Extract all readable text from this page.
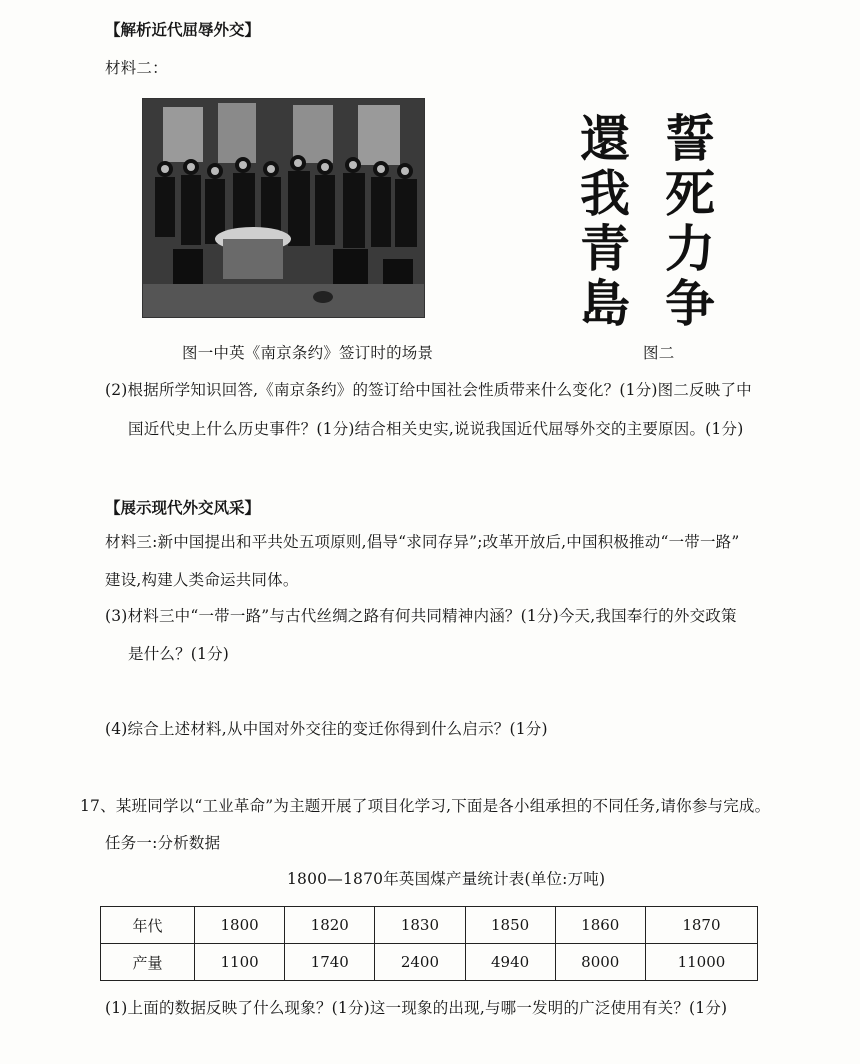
【解析近代屈辱外交】
材料二：
誓
死
力
争
還
我
青
島
图一中英《南京条约》签订时的场景	图二
(2)根据所学知识回答,《南京条约》的签订给中国社会性质带来什么变化？(1分)图二反映了中
国近代史上什么历史事件？(1分)结合相关史实,说说我国近代屈辱外交的主要原因。(1分)
【展示现代外交风采】
材料三:新中国提出和平共处五项原则,倡导“求同存异”;改革开放后,中国积极推动“一带一路”
建设,构建人类命运共同体。
(3)材料三中“一带一路”与古代丝绸之路有何共同精神内涵？(1分)今天,我国奉行的外交政策
是什么？(1分)
(4)综合上述材料,从中国对外交往的变迁你得到什么启示？(1分)
17、某班同学以“工业革命”为主题开展了项目化学习,下面是各小组承担的不同任务,请你参与完成。
任务一:分析数据
1800—1870年英国煤产量统计表(单位:万吨)
年代	1800	1820	1830	1850	1860	1870
产量	1100	1740	2400	4940	8000	11000
(1)上面的数据反映了什么现象？(1分)这一现象的出现,与哪一发明的广泛使用有关？(1分)
